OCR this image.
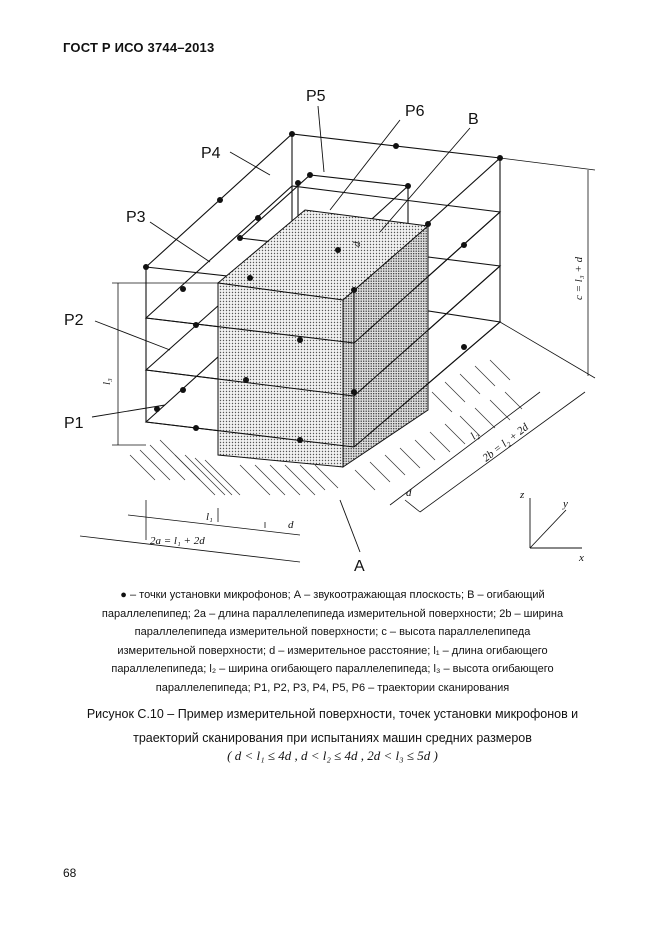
ГОСТ Р ИСО 3744–2013
P5
P6	B
P4
P3
P2
P1
A
l₁
d
2a = l₁ + 2d
l₂
d
2b = l₂ + 2d
l₃
c = l₃ + d
d
x
y
z
● – точки установки микрофонов; А – звукоотражающая плоскость; В – огибающий
параллелепипед; 2a – длина параллелепипеда измерительной поверхности; 2b – ширина
параллелепипеда измерительной поверхности; c – высота параллелепипеда
измерительной поверхности; d – измерительное расстояние; l₁ – длина огибающего
параллелепипеда; l₂ – ширина огибающего параллелепипеда; l₃ – высота огибающего
параллелепипеда; P1, P2, P3, P4, P5, P6 – траектории сканирования
Рисунок С.10 – Пример измерительной поверхности, точек установки микрофонов и
траекторий сканирования при испытаниях машин средних размеров
( d < l₁ ≤ 4d , d < l₂ ≤ 4d , 2d < l₃ ≤ 5d )
68
